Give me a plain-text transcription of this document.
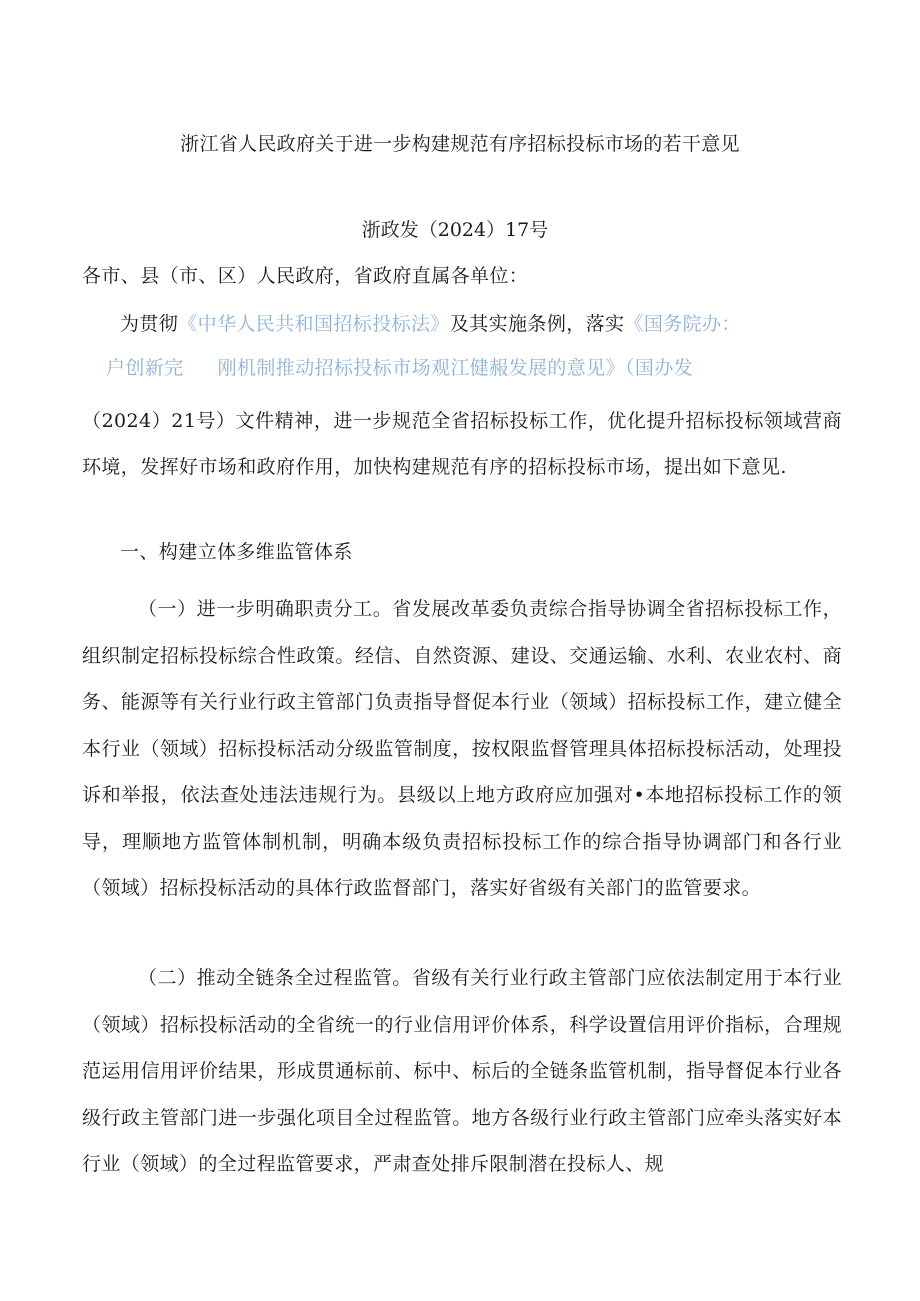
浙江省人民政府关于进一步构建规范有序招标投标市场的若干意见
浙政发（2024）17号
各市、县（市、区）人民政府，省政府直属各单位：
为贯彻《中华人民共和国招标投标法》及其实施条例，落实《国务院办：
户创新完 刚机制推动招标投标市场观江健赧发展的意见》（国办发
（2024）21号）文件精神，进一步规范全省招标投标工作，优化提升招标投标领域营商环境，发挥好市场和政府作用，加快构建规范有序的招标投标市场，提出如下意见.
一、构建立体多维监管体系
（一）进一步明确职责分工。省发展改革委负责综合指导协调全省招标投标工作，组织制定招标投标综合性政策。经信、自然资源、建设、交通运输、水利、农业农村、商务、能源等有关行业行政主管部门负责指导督促本行业（领域）招标投标工作，建立健全本行业（领域）招标投标活动分级监管制度，按权限监督管理具体招标投标活动，处理投诉和举报，依法查处违法违规行为。县级以上地方政府应加强对•本地招标投标工作的领导，理顺地方监管体制机制，明确本级负责招标投标工作的综合指导协调部门和各行业（领域）招标投标活动的具体行政监督部门，落实好省级有关部门的监管要求。
（二）推动全链条全过程监管。省级有关行业行政主管部门应依法制定用于本行业（领域）招标投标活动的全省统一的行业信用评价体系，科学设置信用评价指标，合理规范运用信用评价结果，形成贯通标前、标中、标后的全链条监管机制，指导督促本行业各级行政主管部门进一步强化项目全过程监管。地方各级行业行政主管部门应牵头落实好本行业（领域）的全过程监管要求，严肃查处排斥限制潜在投标人、规
